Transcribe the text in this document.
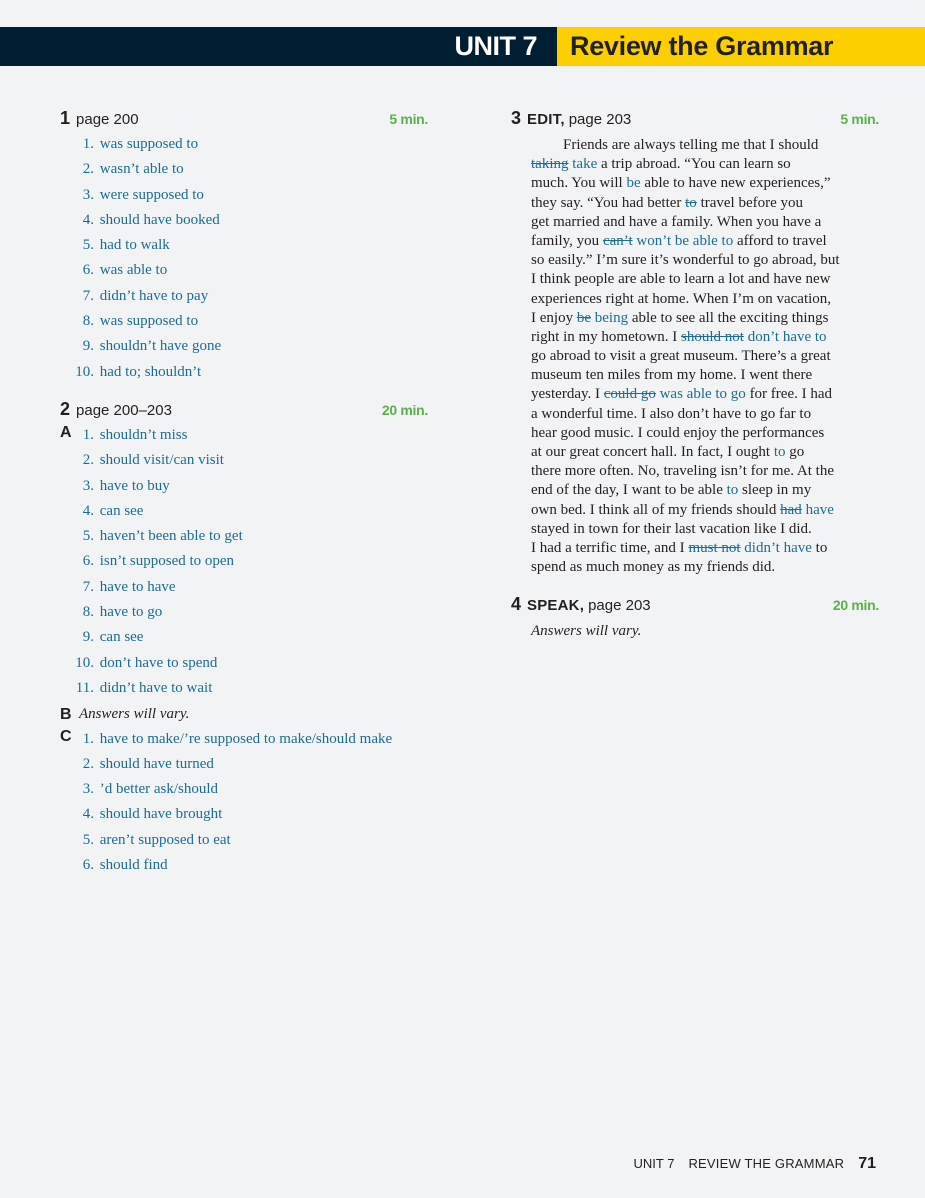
UNIT 7	Review the Grammar
1 page 200	5 min.
1. was supposed to
2. wasn’t able to
3. were supposed to
4. should have booked
5. had to walk
6. was able to
7. didn’t have to pay
8. was supposed to
9. shouldn’t have gone
10. had to; shouldn’t
2 page 200–203	20 min.
A 1. shouldn’t miss
2. should visit/can visit
3. have to buy
4. can see
5. haven’t been able to get
6. isn’t supposed to open
7. have to have
8. have to go
9. can see
10. don’t have to spend
11. didn’t have to wait
B Answers will vary.
C 1. have to make/’re supposed to make/should make
2. should have turned
3. ’d better ask/should
4. should have brought
5. aren’t supposed to eat
6. should find
3 EDIT, page 203	5 min.
Friends are always telling me that I should
taking take a trip abroad. “You can learn so
much. You will be able to have new experiences,”
they say. “You had better to travel before you
get married and have a family. When you have a
family, you can’t won’t be able to afford to travel
so easily.” I’m sure it’s wonderful to go abroad, but
I think people are able to learn a lot and have new
experiences right at home. When I’m on vacation,
I enjoy be being able to see all the exciting things
right in my hometown. I should not don’t have to
go abroad to visit a great museum. There’s a great
museum ten miles from my home. I went there
yesterday. I could go was able to go for free. I had
a wonderful time. I also don’t have to go far to
hear good music. I could enjoy the performances
at our great concert hall. In fact, I ought to go
there more often. No, traveling isn’t for me. At the
end of the day, I want to be able to sleep in my
own bed. I think all of my friends should had have
stayed in town for their last vacation like I did.
I had a terrific time, and I must not didn’t have to
spend as much money as my friends did.
4 SPEAK, page 203	20 min.
Answers will vary.
UNIT 7 REVIEW THE GRAMMAR 71
